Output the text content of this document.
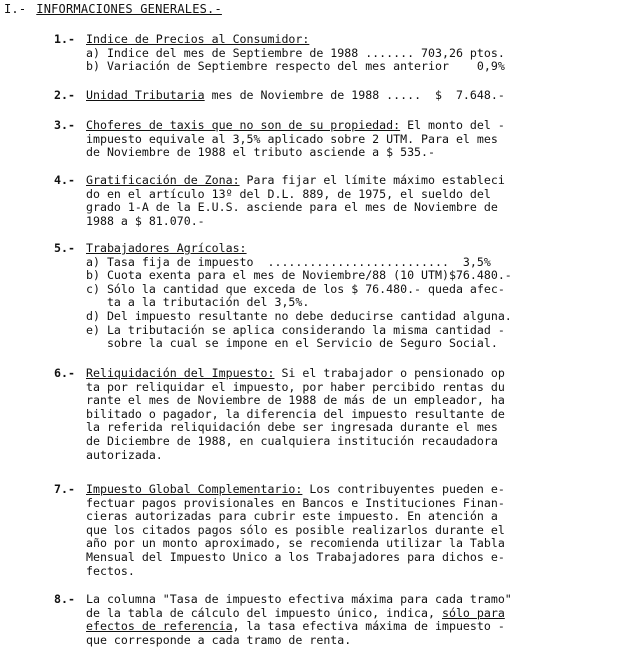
I.- INFORMACIONES GENERALES.-
1.- Indice de Precios al Consumidor:
a) Indice del mes de Septiembre de 1988 ....... 703,26 ptos.
b) Variación de Septiembre respecto del mes anterior    0,9%
2.- Unidad Tributaria mes de Noviembre de 1988 .....  $  7.648.-
3.- Choferes de taxis que no son de su propiedad: El monto del -
impuesto equivale al 3,5% aplicado sobre 2 UTM. Para el mes
de Noviembre de 1988 el tributo asciende a $ 535.-
4.- Gratificación de Zona: Para fijar el límite máximo estableci
do en el artículo 13º del D.L. 889, de 1975, el sueldo del
grado 1-A de la E.U.S. asciende para el mes de Noviembre de
1988 a $ 81.070.-
5.- Trabajadores Agrícolas:
a) Tasa fija de impuesto  ..........................  3,5%
b) Cuota exenta para el mes de Noviembre/88 (10 UTM)$76.480.-
c) Sólo la cantidad que exceda de los $ 76.480.- queda afec-
ta a la tributación del 3,5%.
d) Del impuesto resultante no debe deducirse cantidad alguna.
e) La tributación se aplica considerando la misma cantidad -
sobre la cual se impone en el Servicio de Seguro Social.
6.- Reliquidación del Impuesto: Si el trabajador o pensionado op
ta por reliquidar el impuesto, por haber percibido rentas du
rante el mes de Noviembre de 1988 de más de un empleador, ha
bilitado o pagador, la diferencia del impuesto resultante de
la referida reliquidación debe ser ingresada durante el mes
de Diciembre de 1988, en cualquiera institución recaudadora
autorizada.
7.- Impuesto Global Complementario: Los contribuyentes pueden e-
fectuar pagos provisionales en Bancos e Instituciones Finan-
cieras autorizadas para cubrir este impuesto. En atención a
que los citados pagos sólo es posible realizarlos durante el
año por un monto aproximado, se recomienda utilizar la Tabla
Mensual del Impuesto Unico a los Trabajadores para dichos e-
fectos.
8.- La columna "Tasa de impuesto efectiva máxima para cada tramo"
de la tabla de cálculo del impuesto único, indica, sólo para
efectos de referencia, la tasa efectiva máxima de impuesto -
que corresponde a cada tramo de renta.
